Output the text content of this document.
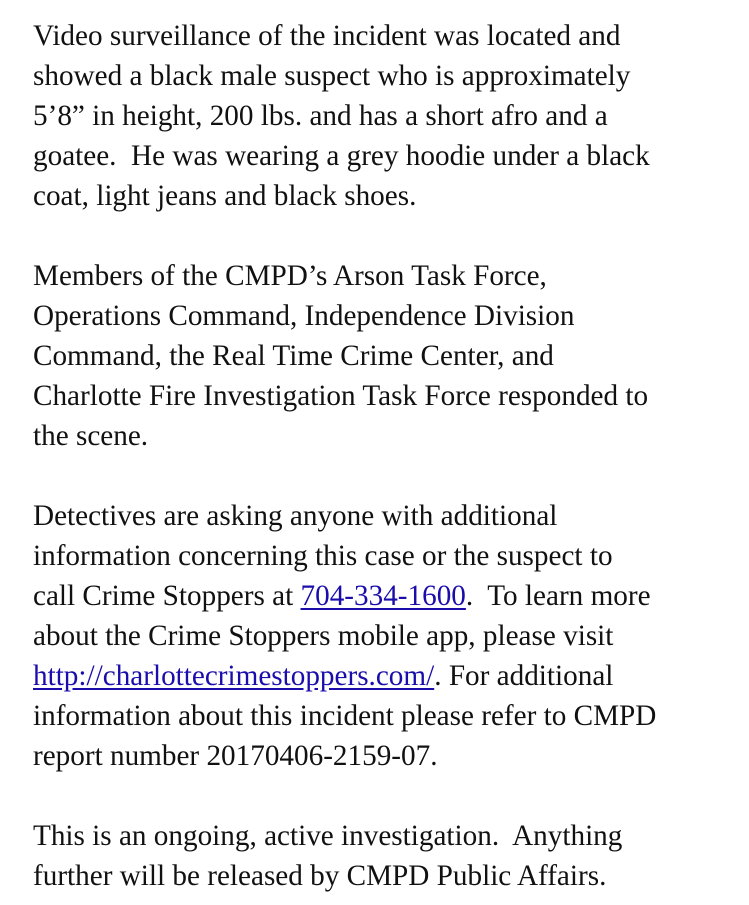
Video surveillance of the incident was located and
showed a black male suspect who is approximately
5’8” in height, 200 lbs. and has a short afro and a
goatee.  He was wearing a grey hoodie under a black
coat, light jeans and black shoes.
Members of the CMPD’s Arson Task Force,
Operations Command, Independence Division
Command, the Real Time Crime Center, and
Charlotte Fire Investigation Task Force responded to
the scene.
Detectives are asking anyone with additional
information concerning this case or the suspect to
call Crime Stoppers at 704-334-1600.  To learn more
about the Crime Stoppers mobile app, please visit
http://charlottecrimestoppers.com/. For additional
information about this incident please refer to CMPD
report number 20170406-2159-07.
This is an ongoing, active investigation.  Anything
further will be released by CMPD Public Affairs.
